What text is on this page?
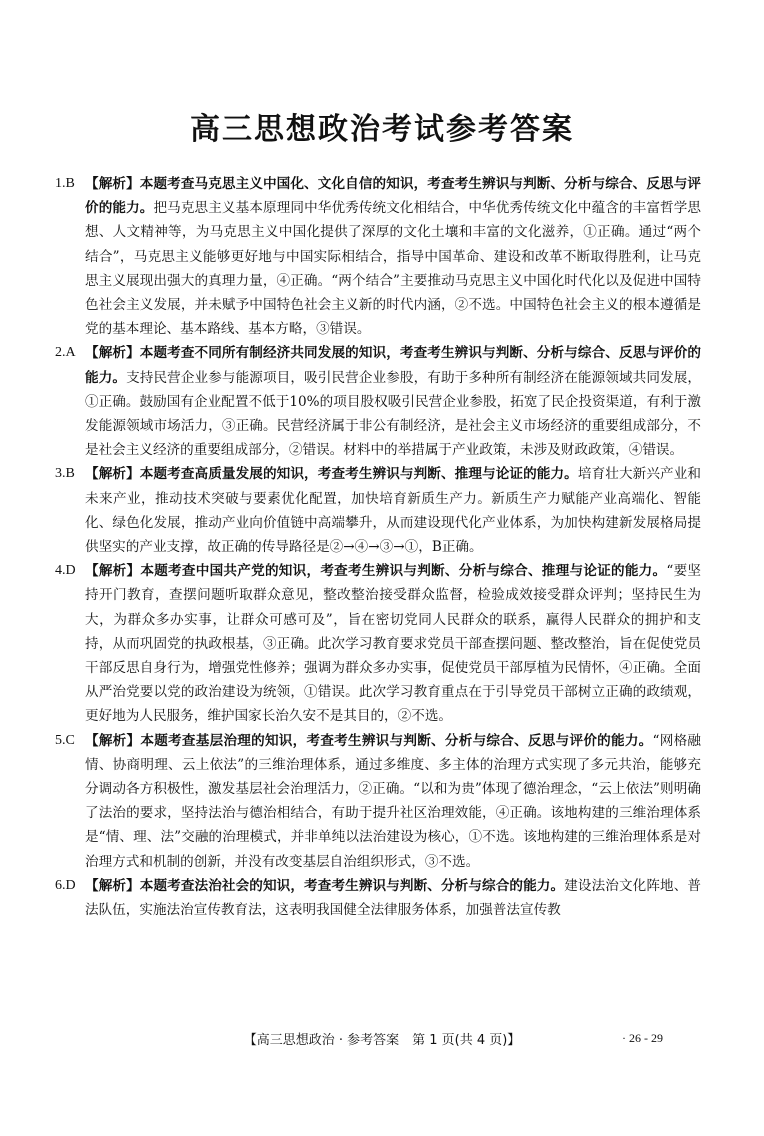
高三思想政治考试参考答案

1.B 【解析】本题考查马克思主义中国化、文化自信的知识，考查考生辨识与判断、分析与综合、反思与评价的能力。把马克思主义基本原理同中华优秀传统文化相结合，中华优秀传统文化中蕴含的丰富哲学思想、人文精神等，为马克思主义中国化提供了深厚的文化土壤和丰富的文化滋养，①正确。通过“两个结合”，马克思主义能够更好地与中国实际相结合，指导中国革命、建设和改革不断取得胜利，让马克思主义展现出强大的真理力量，④正确。“两个结合”主要推动马克思主义中国化时代化以及促进中国特色社会主义发展，并未赋予中国特色社会主义新的时代内涵，②不选。中国特色社会主义的根本遵循是党的基本理论、基本路线、基本方略，③错误。

2.A 【解析】本题考查不同所有制经济共同发展的知识，考查考生辨识与判断、分析与综合、反思与评价的能力。支持民营企业参与能源项目，吸引民营企业参股，有助于多种所有制经济在能源领域共同发展，①正确。鼓励国有企业配置不低于10%的项目股权吸引民营企业参股，拓宽了民企投资渠道，有利于激发能源领域市场活力，③正确。民营经济属于非公有制经济，是社会主义市场经济的重要组成部分，不是社会主义经济的重要组成部分，②错误。材料中的举措属于产业政策，未涉及财政政策，④错误。

3.B 【解析】本题考查高质量发展的知识，考查考生辨识与判断、推理与论证的能力。培育壮大新兴产业和未来产业，推动技术突破与要素优化配置，加快培育新质生产力。新质生产力赋能产业高端化、智能化、绿色化发展，推动产业向价值链中高端攀升，从而建设现代化产业体系，为加快构建新发展格局提供坚实的产业支撑，故正确的传导路径是②→④→③→①，B正确。

4.D 【解析】本题考查中国共产党的知识，考查考生辨识与判断、分析与综合、推理与论证的能力。“要坚持开门教育，查摆问题听取群众意见，整改整治接受群众监督，检验成效接受群众评判；坚持民生为大，为群众多办实事，让群众可感可及”，旨在密切党同人民群众的联系，赢得人民群众的拥护和支持，从而巩固党的执政根基，③正确。此次学习教育要求党员干部查摆问题、整改整治，旨在促使党员干部反思自身行为，增强党性修养；强调为群众多办实事，促使党员干部厚植为民情怀，④正确。全面从严治党要以党的政治建设为统领，①错误。此次学习教育重点在于引导党员干部树立正确的政绩观，更好地为人民服务，维护国家长治久安不是其目的，②不选。

5.C 【解析】本题考查基层治理的知识，考查考生辨识与判断、分析与综合、反思与评价的能力。“网格融情、协商明理、云上依法”的三维治理体系，通过多维度、多主体的治理方式实现了多元共治，能够充分调动各方积极性，激发基层社会治理活力，②正确。“以和为贵”体现了德治理念，“云上依法”则明确了法治的要求，坚持法治与德治相结合，有助于提升社区治理效能，④正确。该地构建的三维治理体系是“情、理、法”交融的治理模式，并非单纯以法治建设为核心，①不选。该地构建的三维治理体系是对治理方式和机制的创新，并没有改变基层自治组织形式，③不选。

6.D 【解析】本题考查法治社会的知识，考查考生辨识与判断、分析与综合的能力。建设法治文化阵地、普法队伍，实施法治宣传教育法，这表明我国健全法律服务体系，加强普法宣传教

【高三思想政治 · 参考答案　第 1 页(共 4 页)】	· 26 - 29
